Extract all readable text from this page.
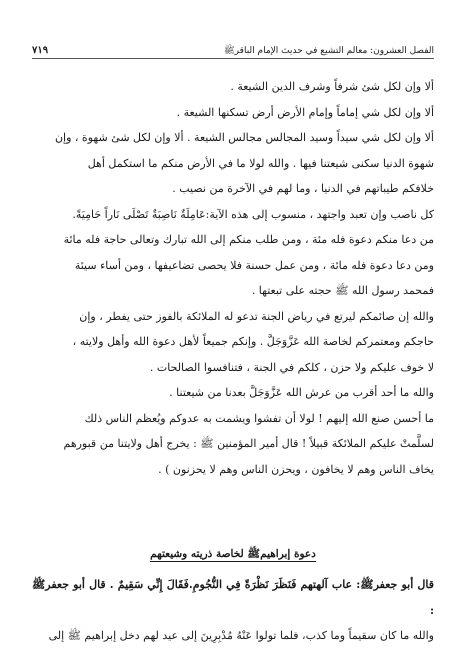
الفصل العشرون: معالم التشيع في حديث الإمام الباقرﷺ
٧١٩

ألا وإن لكل شئ شرفاً وشرف الدين الشيعة .

ألا وإن لكل شي إماماً وإمام الأرض أرض تسكنها الشيعة .

ألا وإن لكل شي سيداً وسيد المجالس مجالس الشيعة . ألا وإن لكل شئ شهوة ، وإن

شهوة الدنيا سكنى شيعتنا فيها . والله لولا ما في الأرض منكم ما استكمل أهل

خلافكم طيباتهم في الدنيا ، وما لهم في الآخرة من نصيب .

كل ناصب وإن تعبد واجتهد ، منسوب إلى هذه الآية:عَامِلَةٌ نَاصِبَةٌ تَصْلَى نَاراً حَامِيَةً.

من دعا منكم دعوة فله مئة ، ومن طلب منكم إلى الله تبارك وتعالى حاجة فله مائة

ومن دعا دعوة فله مائة ، ومن عمل حسنة فلا يحصى تضاعيفها ، ومن أساء سيئة

فمحمد رسول الله ﷺ حجته على تبعتها .

والله إن صائمكم ليرتع في رياض الجنة تدعو له الملائكة بالفوز حتى يفطر ، وإن

حاجكم ومعتمركم لخاصة الله عَزَّوَجَلَّ . وإنكم جميعاً لأهل دعوة الله وأهل ولايته ،

لا خوف عليكم ولا حزن ، كلكم في الجنة ، فتنافسوا الصالحات .

والله ما أحد أقرب من عرش الله عَزَّوَجَلَّ بعدنا من شيعتنا .

ما أحسن صنع الله إليهم ! لولا أن تفشوا ويشمت به عدوكم ويُعظم الناس ذلك

لسلَّمتْ عليكم الملائكة قبيلاً ! قال أمير المؤمنين ﷺ : يخرج أهل ولايتنا من قبورهم

يخاف الناس وهم لا يخافون ، ويحزن الناس وهم لا يحزنون ) .

دعوة إبراهيمﷺ لخاصة ذريته وشيعتهم

قال أبو جعفرﷺ: عاب آلهتهم فَنَظَرَ نَظْرَةً فِي النُّجُومِ.فَقَالَ إِنِّي سَقِيمٌ . قال أبو جعفرﷺ :

والله ما كان سقيماً وما كذب، فلما تولوا عَنْهُ مُدْبِرِينَ إلى عيد لهم دخل إبراهيم ﷺ إلى
